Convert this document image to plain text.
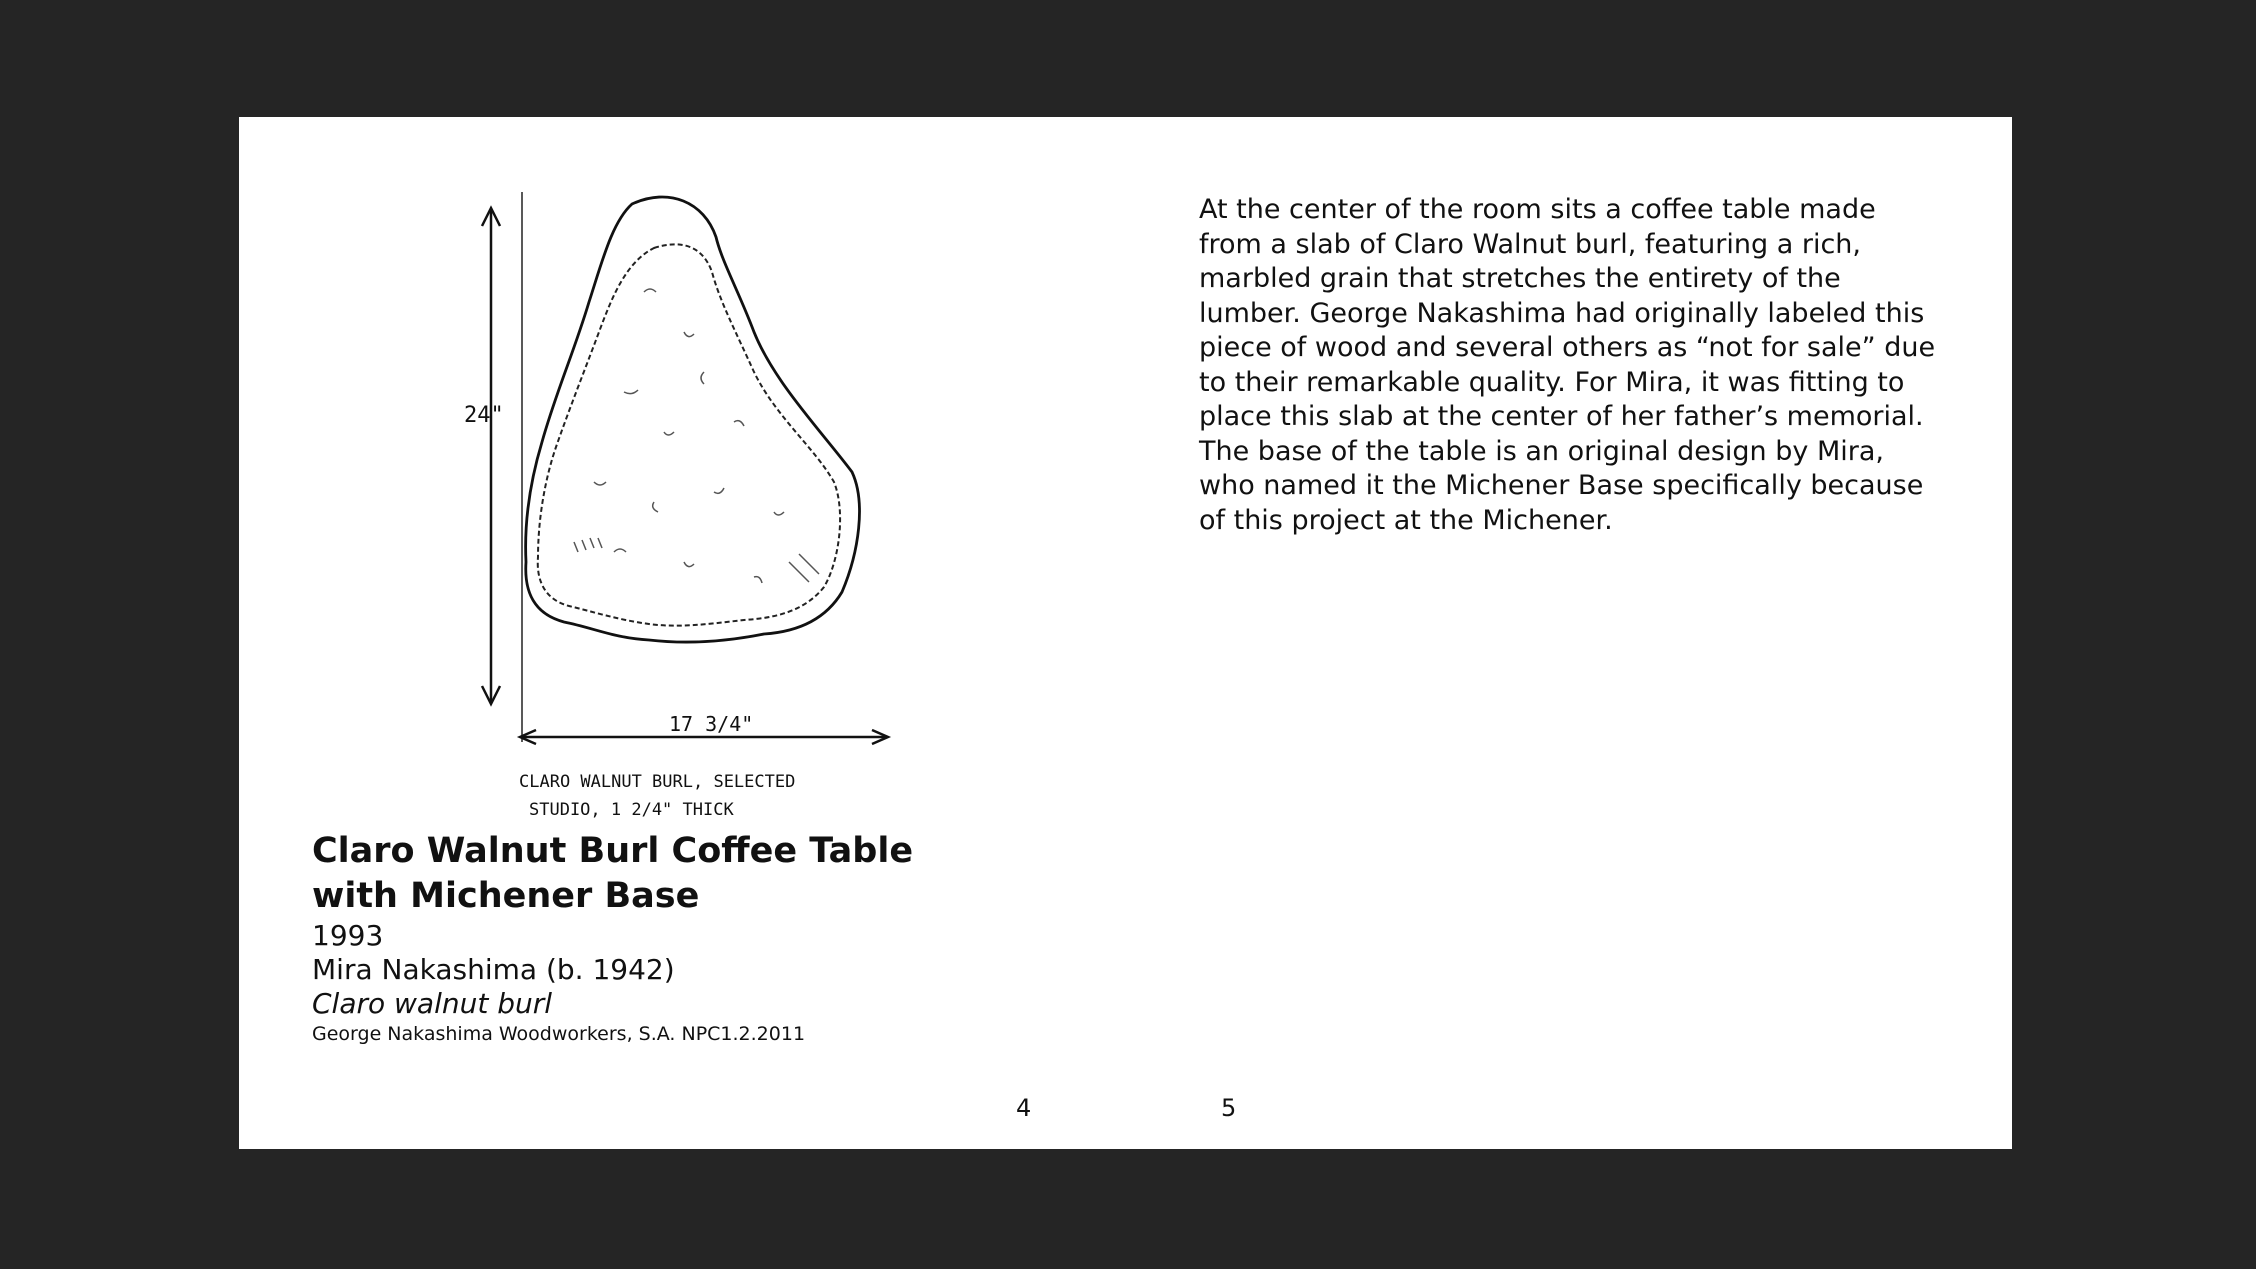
24"
17 3/4"
CLARO WALNUT BURL, SELECTED
STUDIO, 1 2/4" THICK

Claro Walnut Burl Coffee Table

with Michener Base

1993

Mira Nakashima (b. 1942)

Claro walnut burl

George Nakashima Woodworkers, S.A. NPC1.2.2011

At the center of the room sits a coffee table made
from a slab of Claro Walnut burl, featuring a rich,
marbled grain that stretches the entirety of the
lumber. George Nakashima had originally labeled this
piece of wood and several others as “not for sale” due
to their remarkable quality. For Mira, it was fitting to
place this slab at the center of her father’s memorial.
The base of the table is an original design by Mira,
who named it the Michener Base specifically because
of this project at the Michener.
4	5
